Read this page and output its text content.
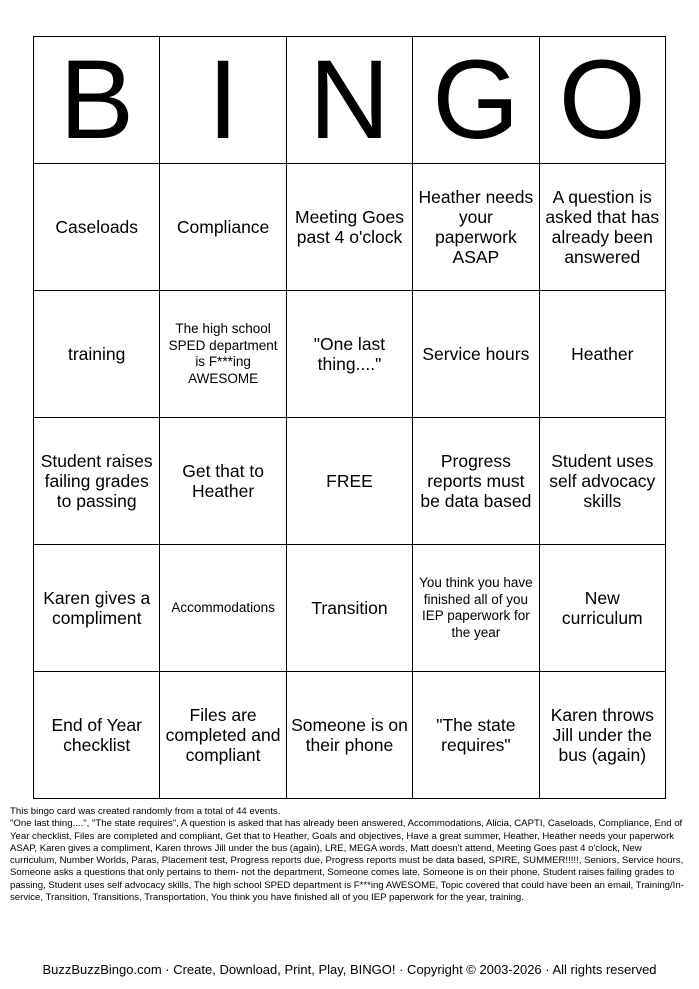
B	I	N	G	O
Caseloads	Compliance	Meeting Goes past 4 o'clock	Heather needs your paperwork ASAP	A question is asked that has already been answered
training	The high school SPED department is F***ing AWESOME	"One last thing...."	Service hours	Heather
Student raises failing grades to passing	Get that to Heather	FREE	Progress reports must be data based	Student uses self advocacy skills
Karen gives a compliment	Accommodations	Transition	You think you have finished all of you IEP paperwork for the year	New curriculum
End of Year checklist	Files are completed and compliant	Someone is on their phone	"The state requires"	Karen throws Jill under the bus (again)

This bingo card was created randomly from a total of 44 events.

"One last thing....", "The state requires", A question is asked that has already been answered, Accommodations, Alicia, CAPTI, Caseloads, Compliance, End of Year checklist, Files are completed and compliant, Get that to Heather, Goals and objectives, Have a great summer, Heather, Heather needs your paperwork ASAP, Karen gives a compliment, Karen throws Jill under the bus (again), LRE, MEGA words, Matt doesn't attend, Meeting Goes past 4 o'clock, New curriculum, Number Worlds, Paras, Placement test, Progress reports due, Progress reports must be data based, SPIRE, SUMMER!!!!!, Seniors, Service hours, Someone asks a questions that only pertains to them- not the department, Someone comes late, Someone is on their phone, Student raises failing grades to passing, Student uses self advocacy skills, The high school SPED department is F***ing AWESOME, Topic covered that could have been an email, Training/In-service, Transition, Transitions, Transportation, You think you have finished all of you IEP paperwork for the year, training.

BuzzBuzzBingo.com · Create, Download, Print, Play, BINGO! · Copyright © 2003-2026 · All rights reserved
